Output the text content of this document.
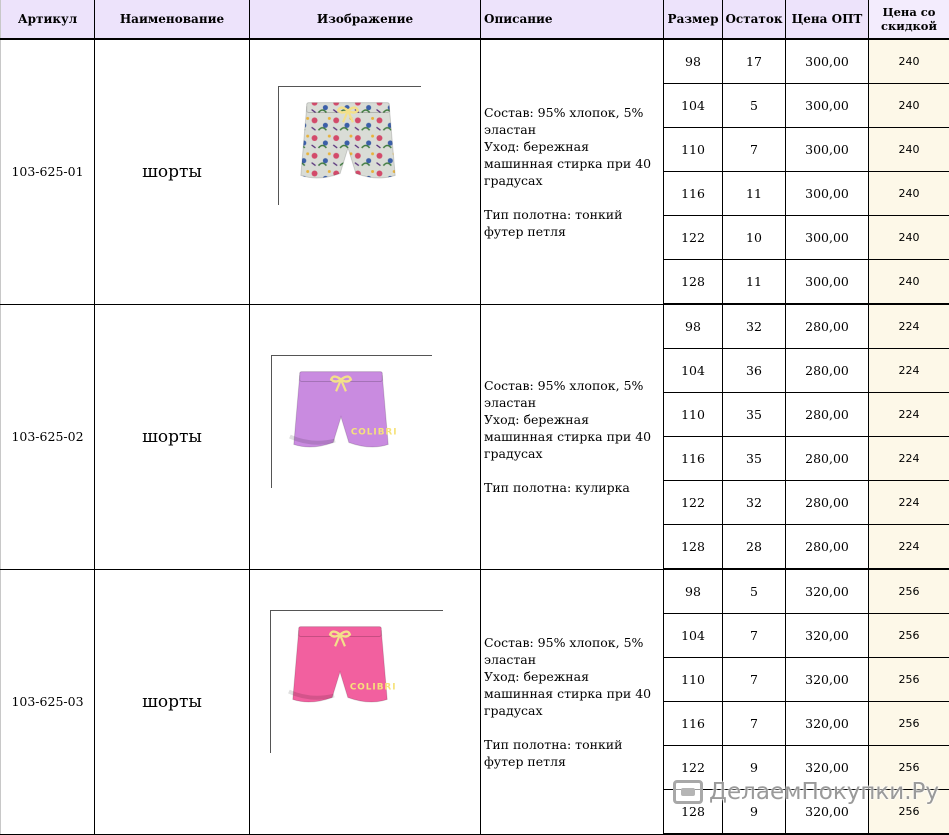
Артикул	Наименование	Изображение	Описание	Размер	Остаток	Цена ОПТ	Цена со скидкой
103-625-01	шорты		Состав: 95% хлопок, 5% эластан
Уход: бережная машинная стирка при 40 градусах
Тип полотна: тонкий футер петля	98	17	300,00	240
				104	5	300,00	240
				110	7	300,00	240
				116	11	300,00	240
				122	10	300,00	240
				128	11	300,00	240
103-625-02	шорты	COLIBRI	Состав: 95% хлопок, 5% эластан
Уход: бережная машинная стирка при 40 градусах
Тип полотна: кулирка	98	32	280,00	224
				104	36	280,00	224
				110	35	280,00	224
				116	35	280,00	224
				122	32	280,00	224
				128	28	280,00	224
103-625-03	шорты	COLIBRI	Состав: 95% хлопок, 5% эластан
Уход: бережная машинная стирка при 40 градусах
Тип полотна: тонкий футер петля	98	5	320,00	256
				104	7	320,00	256
				110	7	320,00	256
				116	7	320,00	256
				122	9	320,00	256
				128	9	320,00	256
ДелаемПокупки.Ру
